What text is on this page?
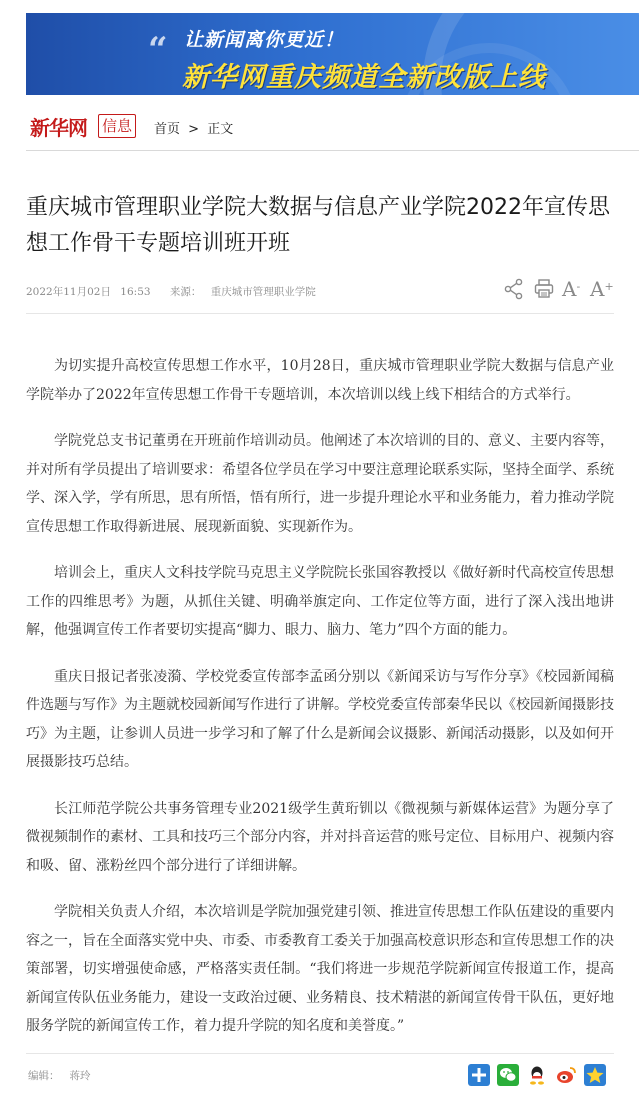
“ 让新闻离你更近！
新华网重庆频道全新改版上线
新华网 信息	首页 > 正文
重庆城市管理职业学院大数据与信息产业学院2022年宣传思想工作骨干专题培训班开班
2022年11月02日 16:53 来源： 重庆城市管理职业学院	A- A+

为切实提升高校宣传思想工作水平，10月28日，重庆城市管理职业学院大数据与信息产业学院举办了2022年宣传思想工作骨干专题培训，本次培训以线上线下相结合的方式举行。

学院党总支书记董勇在开班前作培训动员。他阐述了本次培训的目的、意义、主要内容等，并对所有学员提出了培训要求：希望各位学员在学习中要注意理论联系实际，坚持全面学、系统学、深入学，学有所思，思有所悟，悟有所行，进一步提升理论水平和业务能力，着力推动学院宣传思想工作取得新进展、展现新面貌、实现新作为。

培训会上，重庆人文科技学院马克思主义学院院长张国容教授以《做好新时代高校宣传思想工作的四维思考》为题，从抓住关键、明确举旗定向、工作定位等方面，进行了深入浅出地讲解，他强调宣传工作者要切实提高“脚力、眼力、脑力、笔力”四个方面的能力。

重庆日报记者张凌漪、学校党委宣传部李孟函分别以《新闻采访与写作分享》《校园新闻稿件选题与写作》为主题就校园新闻写作进行了讲解。学校党委宣传部秦华民以《校园新闻摄影技巧》为主题，让参训人员进一步学习和了解了什么是新闻会议摄影、新闻活动摄影，以及如何开展摄影技巧总结。

长江师范学院公共事务管理专业2021级学生黄珩钏以《微视频与新媒体运营》为题分享了微视频制作的素材、工具和技巧三个部分内容，并对抖音运营的账号定位、目标用户、视频内容和吸、留、涨粉丝四个部分进行了详细讲解。

学院相关负责人介绍，本次培训是学院加强党建引领、推进宣传思想工作队伍建设的重要内容之一，旨在全面落实党中央、市委、市委教育工委关于加强高校意识形态和宣传思想工作的决策部署，切实增强使命感，严格落实责任制。“我们将进一步规范学院新闻宣传报道工作，提高新闻宣传队伍业务能力，建设一支政治过硬、业务精良、技术精湛的新闻宣传骨干队伍，更好地服务学院的新闻宣传工作，着力提升学院的知名度和美誉度。”

编辑： 蒋玲
